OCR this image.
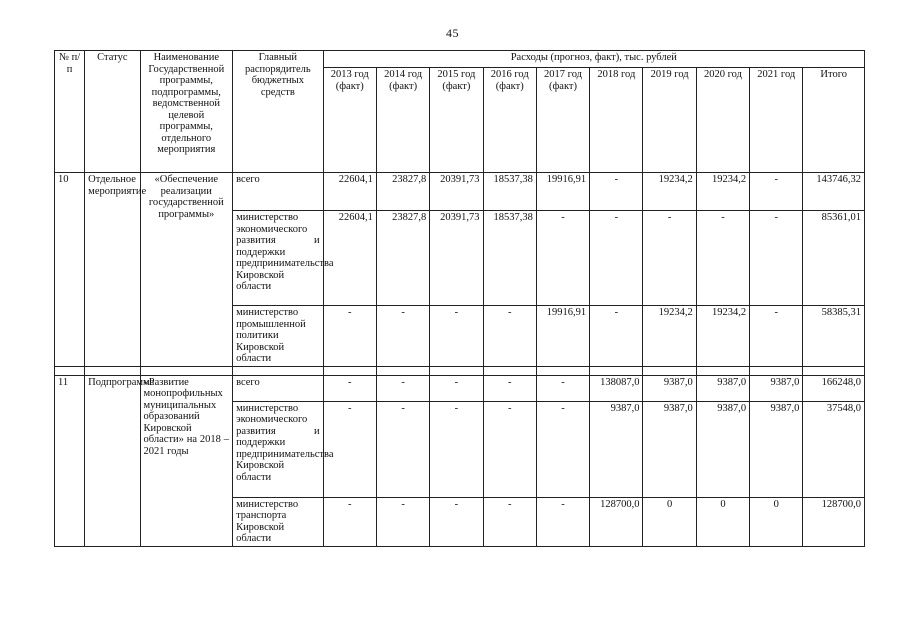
45
№ п/п	Статус	Наименование Государственной программы, подпрограммы, ведомственной целевой программы, отдельного мероприятия	Главный распорядитель бюджетных средств	Расходы (прогноз, факт), тыс. рублей									
				2013 год (факт)	2014 год (факт)	2015 год (факт)	2016 год (факт)	2017 год (факт)	2018 год	2019 год	2020 год	2021 год	Итого
10	Отдельное мероприятие	«Обеспечение реализации государственной программы»	всего	22604,1	23827,8	20391,73	18537,38	19916,91	-	19234,2	19234,2	-	143746,32
			министерство экономического развития и поддержки предпринимательства Кировской области	22604,1	23827,8	20391,73	18537,38	-	-	-	-	-	85361,01
			министерство промышленной политики Кировской области	-	-	-	-	19916,91	-	19234,2	19234,2	-	58385,31

11	Подпрограмма	«Развитие монопрофильных муниципальных образований Кировской области» на 2018 – 2021 годы	всего	-	-	-	-	-	138087,0	9387,0	9387,0	9387,0	166248,0
			министерство экономического развития и поддержки предпринимательства Кировской области	-	-	-	-	-	9387,0	9387,0	9387,0	9387,0	37548,0
			министерство транспорта Кировской области	-	-	-	-	-	128700,0	0	0	0	128700,0
